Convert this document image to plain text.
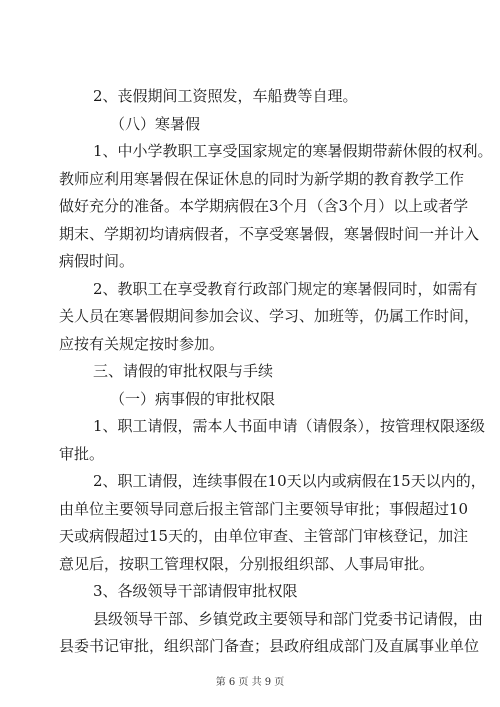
2、丧假期间工资照发，车船费等自理。
（八）寒暑假
1、中小学教职工享受国家规定的寒暑假期带薪休假的权利。
教师应利用寒暑假在保证休息的同时为新学期的教育教学工作
做好充分的准备。本学期病假在3个月（含3个月）以上或者学
期末、学期初均请病假者，不享受寒暑假，寒暑假时间一并计入
病假时间。
2、教职工在享受教育行政部门规定的寒暑假同时，如需有
关人员在寒暑假期间参加会议、学习、加班等，仍属工作时间，
应按有关规定按时参加。
三、请假的审批权限与手续
（一）病事假的审批权限
1、职工请假，需本人书面申请（请假条），按管理权限逐级
审批。
2、职工请假，连续事假在10天以内或病假在15天以内的，
由单位主要领导同意后报主管部门主要领导审批；事假超过10
天或病假超过15天的，由单位审查、主管部门审核登记，加注
意见后，按职工管理权限，分别报组织部、人事局审批。
3、各级领导干部请假审批权限
县级领导干部、乡镇党政主要领导和部门党委书记请假，由
县委书记审批，组织部门备查；县政府组成部门及直属事业单位
第 6 页 共 9 页
